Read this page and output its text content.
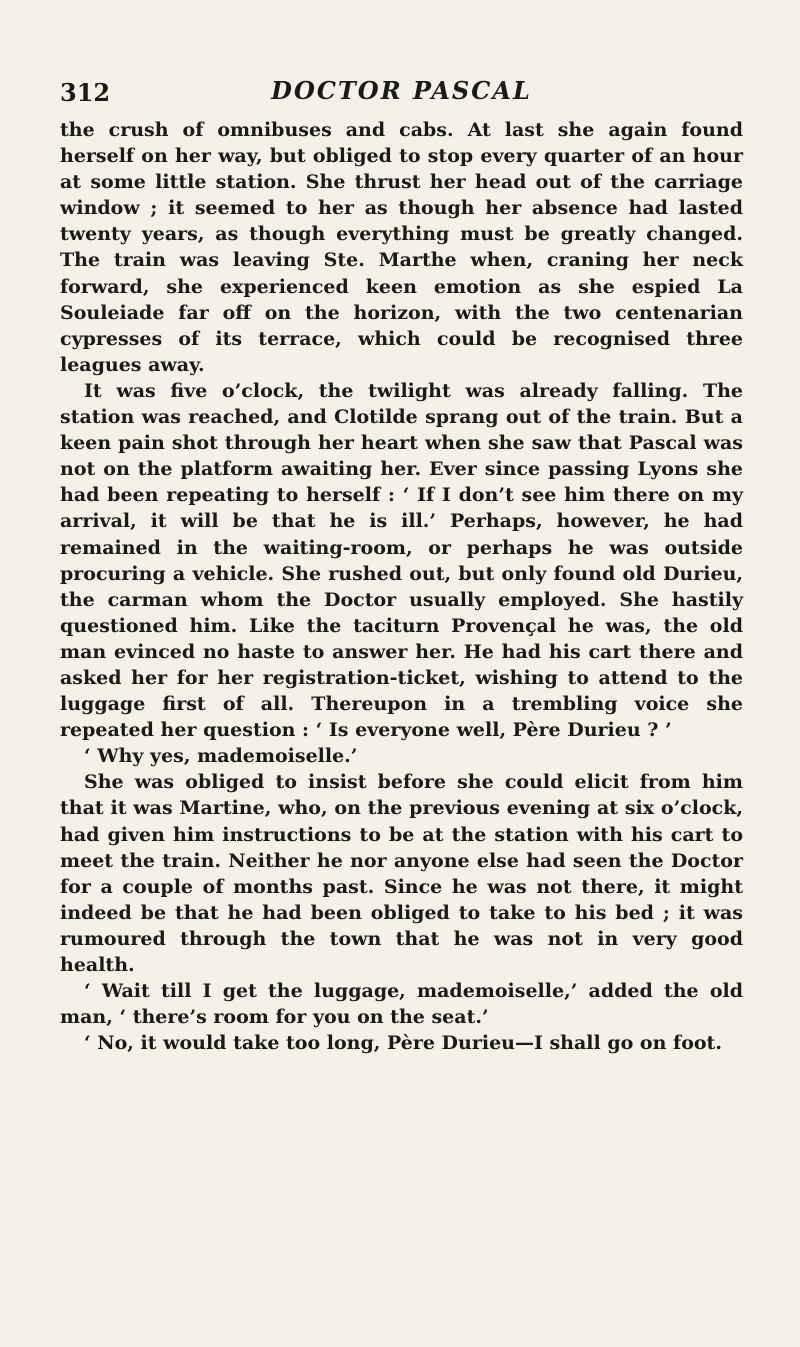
312	DOCTOR PASCAL

the crush of omnibuses and cabs. At last she again found herself on her way, but obliged to stop every quarter of an hour at some little station. She thrust her head out of the carriage window ; it seemed to her as though her absence had lasted twenty years, as though everything must be greatly changed. The train was leaving Ste. Marthe when, craning her neck forward, she experienced keen emotion as she espied La Souleiade far off on the horizon, with the two centenarian cypresses of its terrace, which could be recognised three leagues away.

It was five o’clock, the twilight was already falling. The station was reached, and Clotilde sprang out of the train. But a keen pain shot through her heart when she saw that Pascal was not on the platform awaiting her. Ever since passing Lyons she had been repeating to herself : ‘ If I don’t see him there on my arrival, it will be that he is ill.’ Perhaps, however, he had remained in the waiting-room, or perhaps he was outside procuring a vehicle. She rushed out, but only found old Durieu, the carman whom the Doctor usually employed. She hastily questioned him. Like the taciturn Provençal he was, the old man evinced no haste to answer her. He had his cart there and asked her for her registration-ticket, wishing to attend to the luggage first of all. Thereupon in a trembling voice she repeated her question : ‘ Is everyone well, Père Durieu ? ’

‘ Why yes, mademoiselle.’

She was obliged to insist before she could elicit from him that it was Martine, who, on the previous evening at six o’clock, had given him instructions to be at the station with his cart to meet the train. Neither he nor anyone else had seen the Doctor for a couple of months past. Since he was not there, it might indeed be that he had been obliged to take to his bed ; it was rumoured through the town that he was not in very good health.

‘ Wait till I get the luggage, mademoiselle,’ added the old man, ‘ there’s room for you on the seat.’

‘ No, it would take too long, Père Durieu—I shall go on foot.
